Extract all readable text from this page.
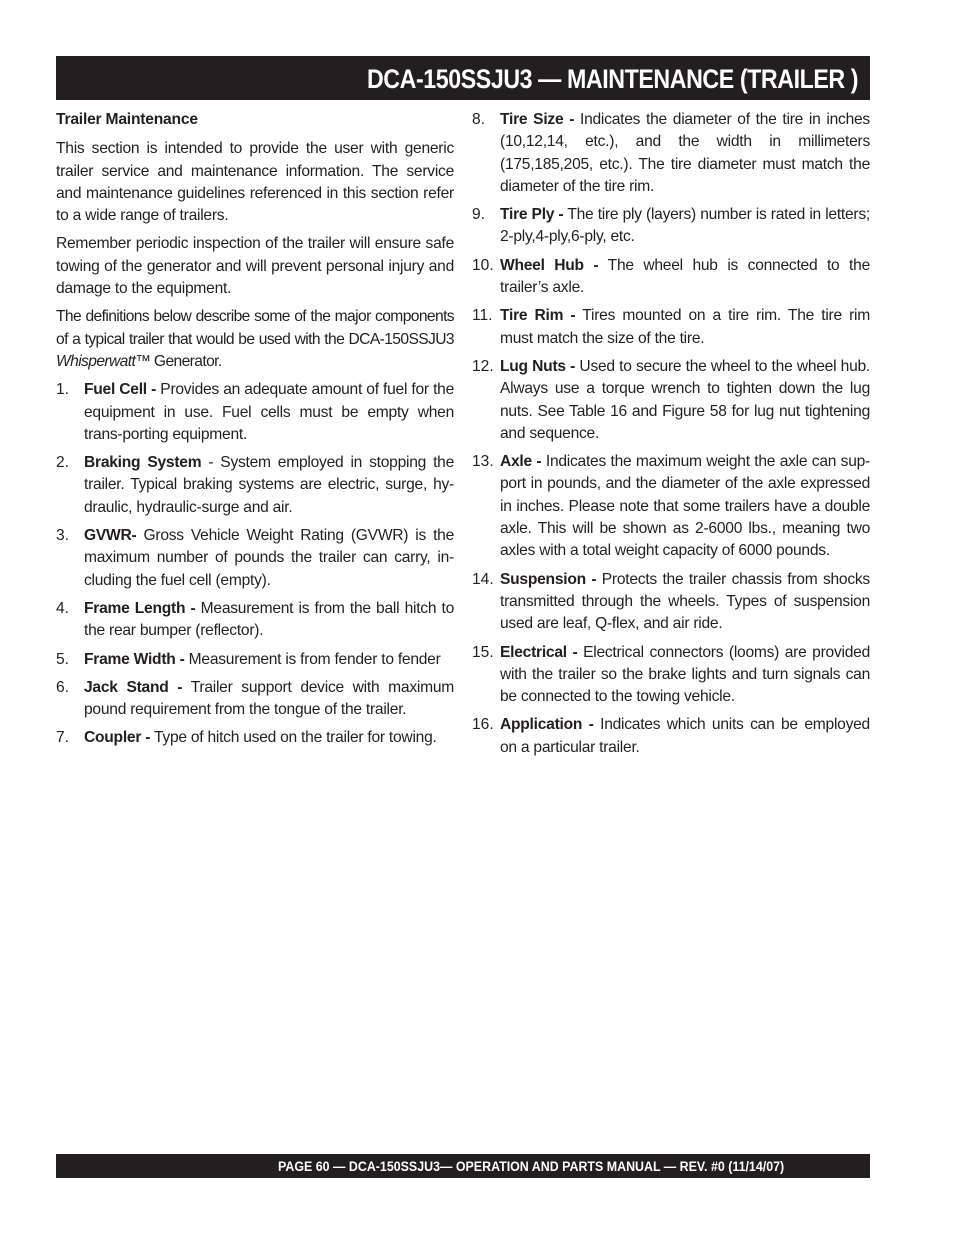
DCA-150SSJU3 — MAINTENANCE (TRAILER )
Trailer Maintenance

This section is intended to provide the user with generic trailer service and maintenance information. The service and maintenance guidelines referenced in this section refer to a wide range of trailers.

Remember periodic inspection of the trailer will ensure safe towing of the generator and will prevent personal injury and damage to the equipment.

The definitions below describe some of the major components of a typical trailer that would be used with the DCA-150SSJU3 Whisperwatt™ Generator.

1. Fuel Cell - Provides an adequate amount of fuel for the equipment in use. Fuel cells must be empty when trans-porting equipment.
2. Braking System - System employed in stopping the trailer. Typical braking systems are electric, surge, hy-draulic, hydraulic-surge and air.
3. GVWR- Gross Vehicle Weight Rating (GVWR) is the maximum number of pounds the trailer can carry, in-cluding the fuel cell (empty).
4. Frame Length - Measurement is from the ball hitch to the rear bumper (reflector).
5. Frame Width - Measurement is from fender to fender
6. Jack Stand - Trailer support device with maximum pound requirement from the tongue of the trailer.
7. Coupler - Type of hitch used on the trailer for towing.
8. Tire Size - Indicates the diameter of the tire in inches (10,12,14, etc.), and the width in millimeters (175,185,205, etc.). The tire diameter must match the diameter of the tire rim.
9. Tire Ply - The tire ply (layers) number is rated in letters; 2-ply,4-ply,6-ply, etc.
10. Wheel Hub - The wheel hub is connected to the trailer’s axle.
11. Tire Rim - Tires mounted on a tire rim. The tire rim must match the size of the tire.
12. Lug Nuts - Used to secure the wheel to the wheel hub. Always use a torque wrench to tighten down the lug nuts. See Table 16 and Figure 58 for lug nut tightening and sequence.
13. Axle - Indicates the maximum weight the axle can sup-port in pounds, and the diameter of the axle expressed in inches. Please note that some trailers have a double axle. This will be shown as 2-6000 lbs., meaning two axles with a total weight capacity of 6000 pounds.
14. Suspension - Protects the trailer chassis from shocks transmitted through the wheels. Types of suspension used are leaf, Q-flex, and air ride.
15. Electrical - Electrical connectors (looms) are provided with the trailer so the brake lights and turn signals can be connected to the towing vehicle.
16. Application - Indicates which units can be employed on a particular trailer.
PAGE 60 — DCA-150SSJU3— OPERATION AND PARTS MANUAL — REV. #0 (11/14/07)
